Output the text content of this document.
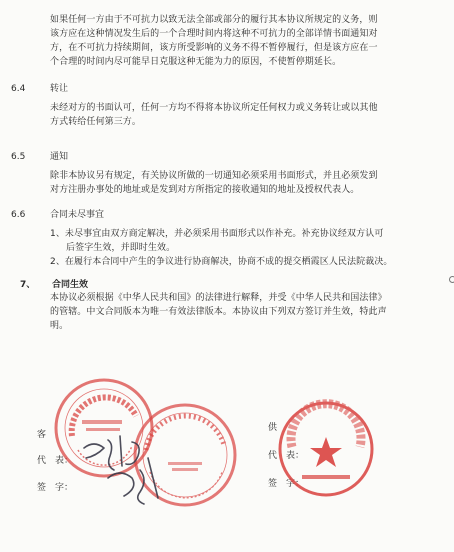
如果任何一方由于不可抗力以致无法全部或部分的履行其本协议所规定的义务，则
该方应在这种情况发生后的一个合理时间内将这种不可抗力的全部详情书面通知对
方，在不可抗力持续期间，该方所受影响的义务不得不暂停履行，但是该方应在一
个合理的时间内尽可能早日克服这种无能为力的原因，不使暂停期延长。
6.4	转让
未经对方的书面认可，任何一方均不得将本协议所定任何权力或义务转让或以其他
方式转给任何第三方。
6.5	通知
除非本协议另有规定，有关协议所做的一切通知必须采用书面形式，并且必须发到
对方注册办事处的地址或是发到对方所指定的接收通知的地址及授权代表人。
6.6	合同未尽事宜
1、未尽事宜由双方商定解决，并必须采用书面形式以作补充。补充协议经双方认可
后签字生效，并即时生效。
2、在履行本合同中产生的争议进行协商解决，协商不成的提交栖霞区人民法院裁决。
7、 合同生效
本协议必须根据《中华人民共和国》的法律进行解释，并受《中华人民共和国法律》
的管辖。中文合同版本为唯一有效法律版本。本协议由下列双方签订并生效，特此声
明。
客
代　表：
签　字：
供
代　表：
签　字：
